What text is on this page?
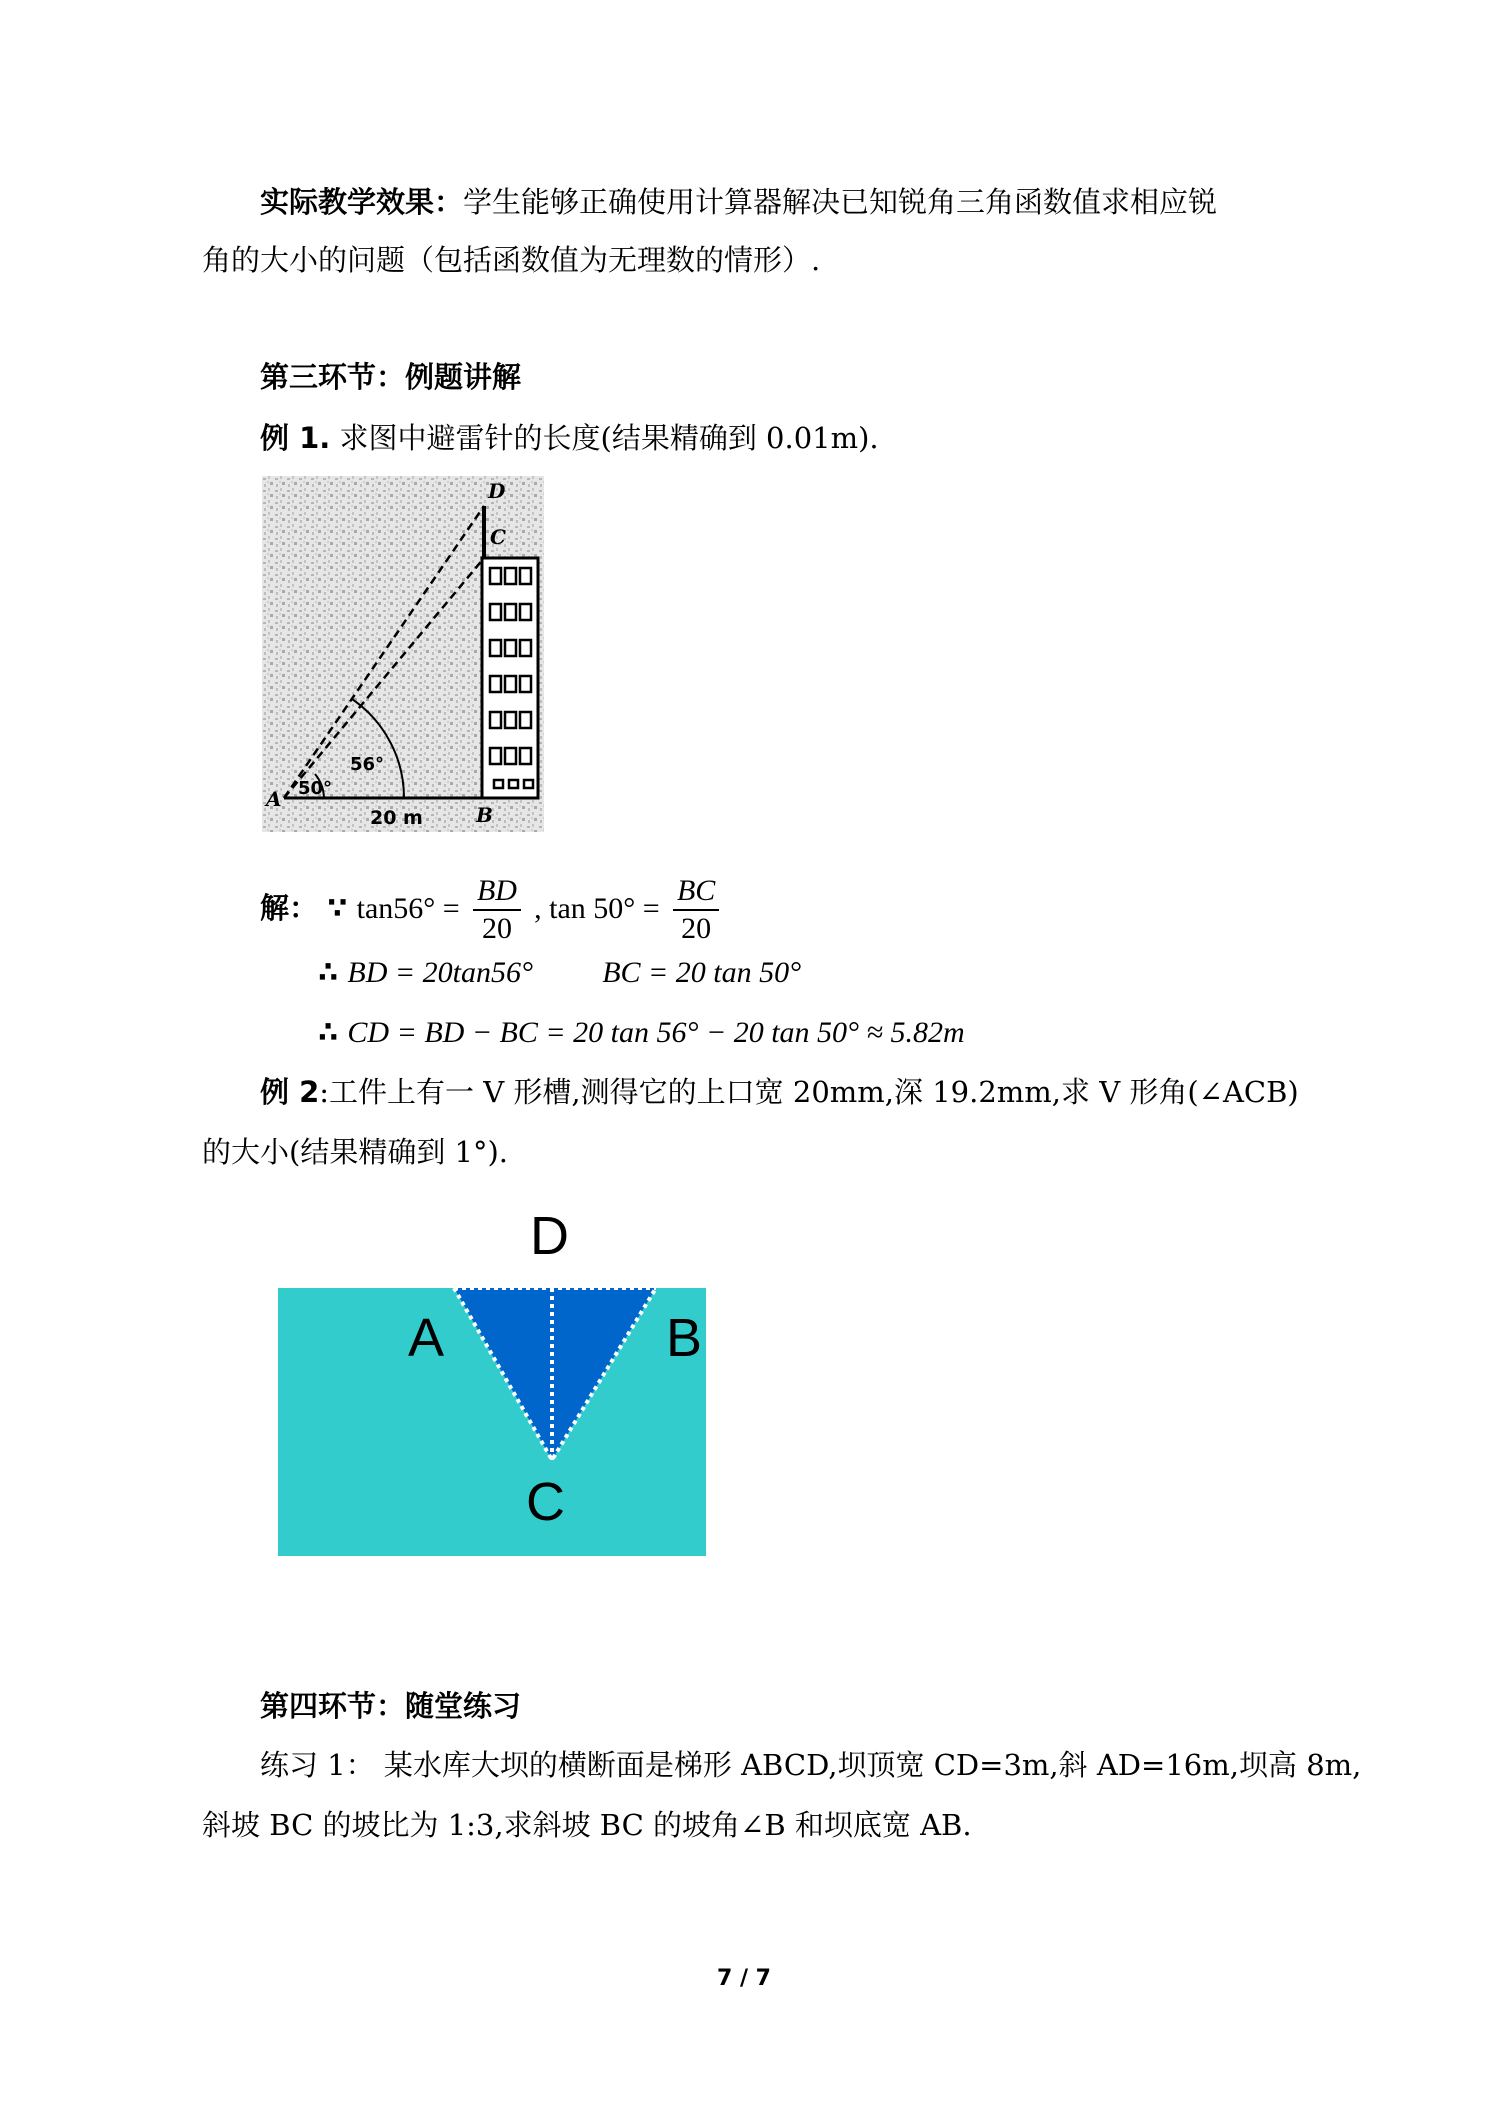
实际教学效果：学生能够正确使用计算器解决已知锐角三角函数值求相应锐
角的大小的问题（包括函数值为无理数的情形）.
第三环节：例题讲解
例 1. 求图中避雷针的长度(结果精确到 0.01m).
A
B
C
D
50°
56°
20 m
解： ∵ $\tan 56^\circ = \frac{BD}{20}$ , $\tan 50^\circ = \frac{BC}{20}$
∴ BD = 20tan56° BC = 20 tan 50°
∴ CD = BD − BC = 20 tan 56° − 20 tan 50° ≈ 5.82m
例 2:工件上有一 V 形槽,测得它的上口宽 20mm,深 19.2mm,求 V 形角(∠ACB)
的大小(结果精确到 1°).
D
A	B
C
第四环节：随堂练习
练习 1： 某水库大坝的横断面是梯形 ABCD,坝顶宽 CD=3m,斜 AD=16m,坝高 8m,
斜坡 BC 的坡比为 1:3,求斜坡 BC 的坡角∠B 和坝底宽 AB.
7 / 7
